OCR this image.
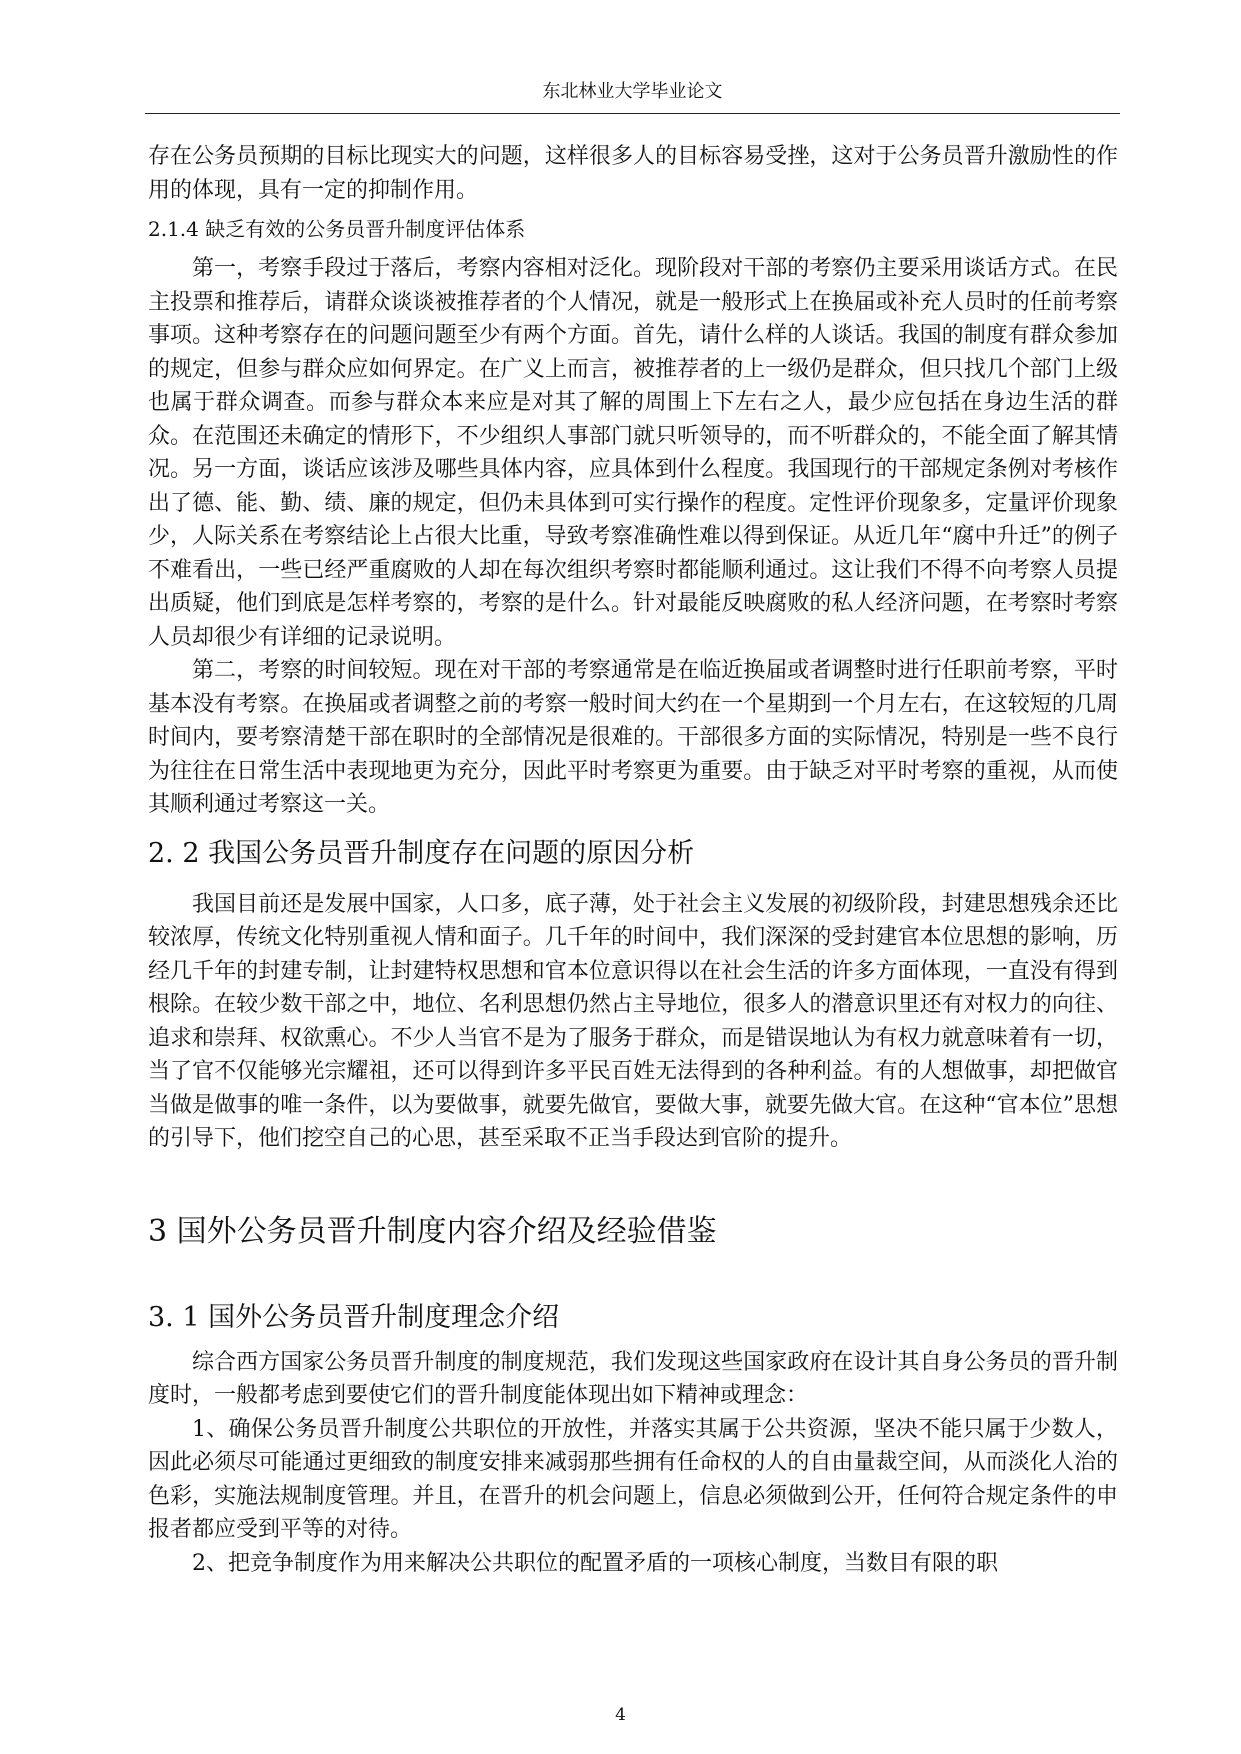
东北林业大学毕业论文

存在公务员预期的目标比现实大的问题，这样很多人的目标容易受挫，这对于公务员晋升激励性的作用的体现，具有一定的抑制作用。

2.1.4 缺乏有效的公务员晋升制度评估体系

第一，考察手段过于落后，考察内容相对泛化。现阶段对干部的考察仍主要采用谈话方式。在民主投票和推荐后，请群众谈谈被推荐者的个人情况，就是一般形式上在换届或补充人员时的任前考察事项。这种考察存在的问题问题至少有两个方面。首先，请什么样的人谈话。我国的制度有群众参加的规定，但参与群众应如何界定。在广义上而言，被推荐者的上一级仍是群众，但只找几个部门上级也属于群众调查。而参与群众本来应是对其了解的周围上下左右之人，最少应包括在身边生活的群众。在范围还未确定的情形下，不少组织人事部门就只听领导的，而不听群众的，不能全面了解其情况。另一方面，谈话应该涉及哪些具体内容，应具体到什么程度。我国现行的干部规定条例对考核作出了德、能、勤、绩、廉的规定，但仍未具体到可实行操作的程度。定性评价现象多，定量评价现象少，人际关系在考察结论上占很大比重，导致考察准确性难以得到保证。从近几年“腐中升迁”的例子不难看出，一些已经严重腐败的人却在每次组织考察时都能顺利通过。这让我们不得不向考察人员提出质疑，他们到底是怎样考察的，考察的是什么。针对最能反映腐败的私人经济问题，在考察时考察人员却很少有详细的记录说明。

第二，考察的时间较短。现在对干部的考察通常是在临近换届或者调整时进行任职前考察，平时基本没有考察。在换届或者调整之前的考察一般时间大约在一个星期到一个月左右，在这较短的几周时间内，要考察清楚干部在职时的全部情况是很难的。干部很多方面的实际情况，特别是一些不良行为往往在日常生活中表现地更为充分，因此平时考察更为重要。由于缺乏对平时考察的重视，从而使其顺利通过考察这一关。

2. 2 我国公务员晋升制度存在问题的原因分析

我国目前还是发展中国家，人口多，底子薄，处于社会主义发展的初级阶段，封建思想残余还比较浓厚，传统文化特别重视人情和面子。几千年的时间中，我们深深的受封建官本位思想的影响，历经几千年的封建专制，让封建特权思想和官本位意识得以在社会生活的许多方面体现，一直没有得到根除。在较少数干部之中，地位、名利思想仍然占主导地位，很多人的潜意识里还有对权力的向往、追求和崇拜、权欲熏心。不少人当官不是为了服务于群众，而是错误地认为有权力就意味着有一切，当了官不仅能够光宗耀祖，还可以得到许多平民百姓无法得到的各种利益。有的人想做事，却把做官当做是做事的唯一条件，以为要做事，就要先做官，要做大事，就要先做大官。在这种“官本位”思想的引导下，他们挖空自己的心思，甚至采取不正当手段达到官阶的提升。

3 国外公务员晋升制度内容介绍及经验借鉴
3. 1 国外公务员晋升制度理念介绍

综合西方国家公务员晋升制度的制度规范，我们发现这些国家政府在设计其自身公务员的晋升制度时，一般都考虑到要使它们的晋升制度能体现出如下精神或理念：

1、确保公务员晋升制度公共职位的开放性，并落实其属于公共资源，坚决不能只属于少数人，因此必须尽可能通过更细致的制度安排来减弱那些拥有任命权的人的自由量裁空间，从而淡化人治的色彩，实施法规制度管理。并且，在晋升的机会问题上，信息必须做到公开，任何符合规定条件的申报者都应受到平等的对待。

2、把竞争制度作为用来解决公共职位的配置矛盾的一项核心制度，当数目有限的职

4
